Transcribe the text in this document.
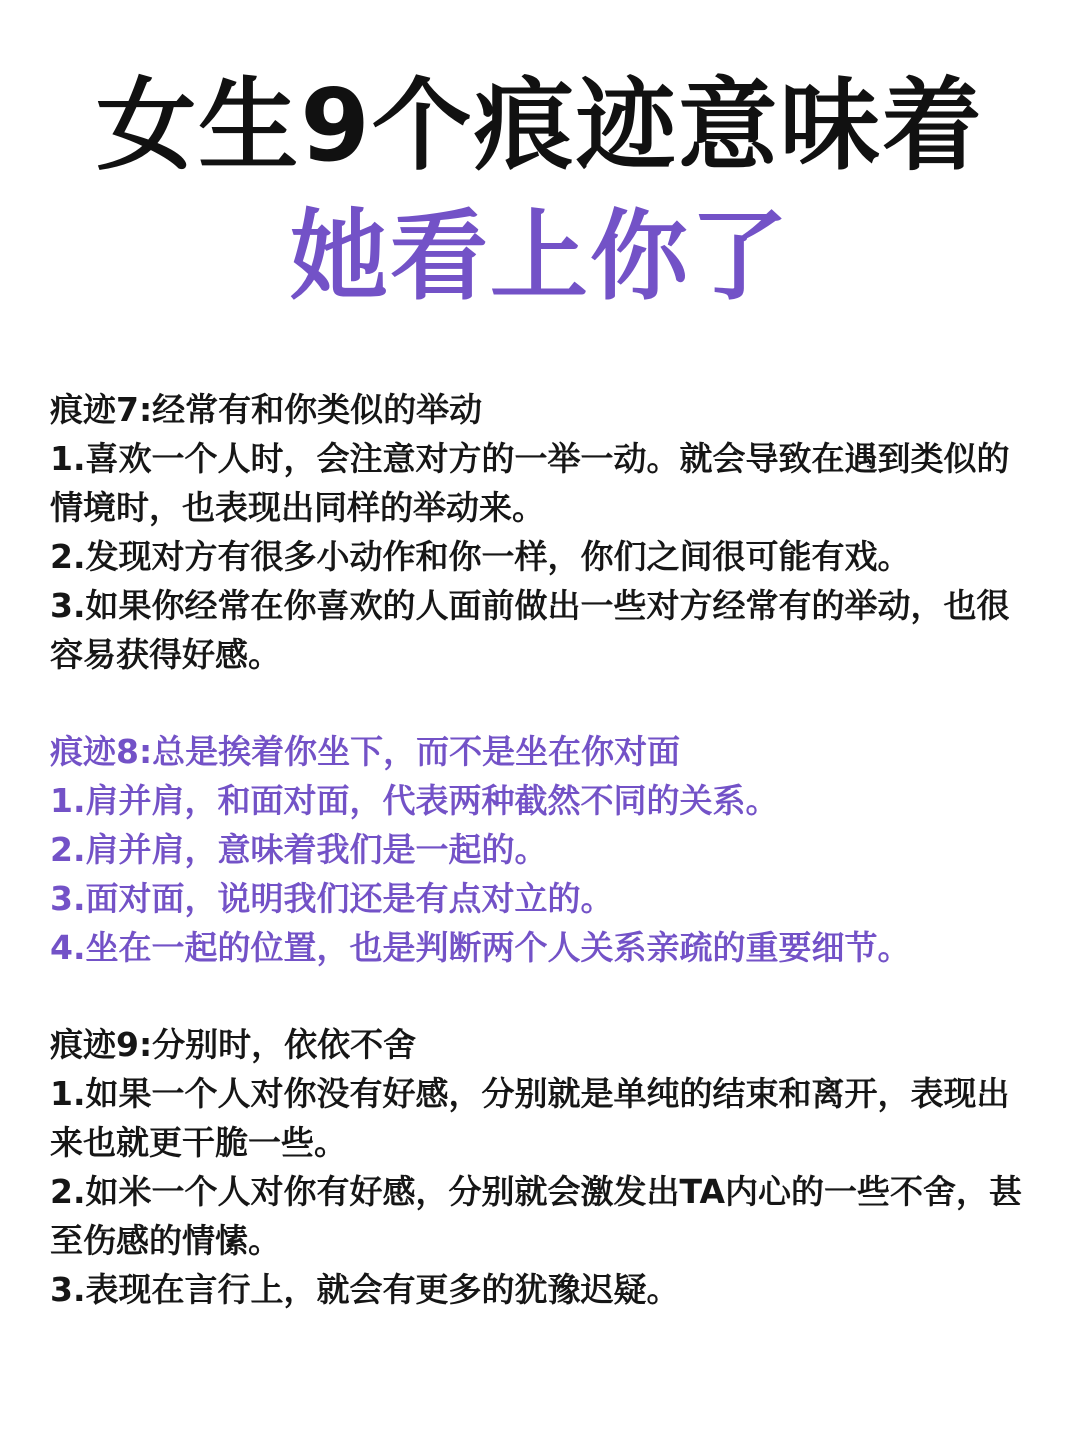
女生9个痕迹意味着
她看上你了

痕迹7:经常有和你类似的举动

1.喜欢一个人时，会注意对方的一举一动。就会导致在遇到类似的情境时，也表现出同样的举动来。

2.发现对方有很多小动作和你一样，你们之间很可能有戏。

3.如果你经常在你喜欢的人面前做出一些对方经常有的举动，也很容易获得好感。

痕迹8:总是挨着你坐下，而不是坐在你对面

1.肩并肩，和面对面，代表两种截然不同的关系。

2.肩并肩，意味着我们是一起的。

3.面对面，说明我们还是有点对立的。

4.坐在一起的位置，也是判断两个人关系亲疏的重要细节。

痕迹9:分别时，依依不舍

1.如果一个人对你没有好感，分别就是单纯的结束和离开，表现出来也就更干脆一些。

2.如米一个人对你有好感，分别就会激发出TA内心的一些不舍，甚至伤感的情愫。

3.表现在言行上，就会有更多的犹豫迟疑。
